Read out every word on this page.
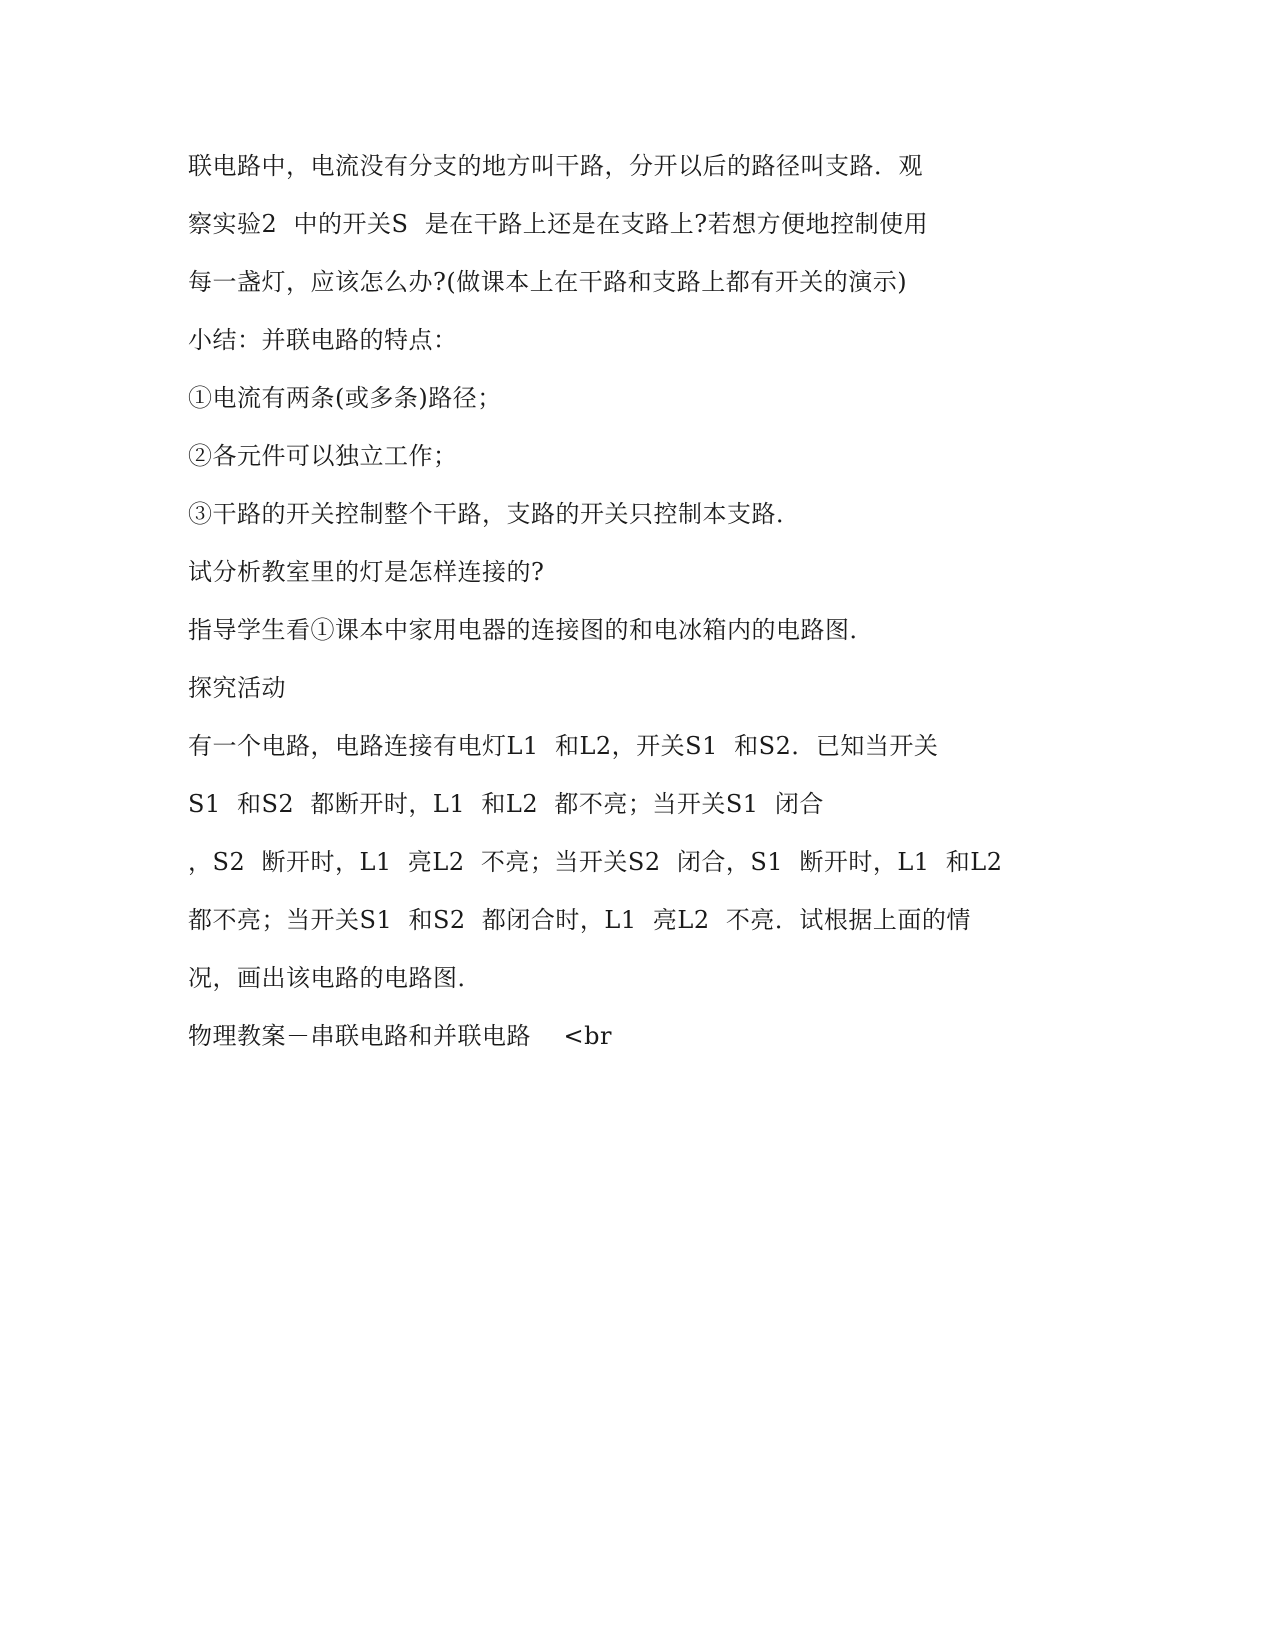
联电路中，电流没有分支的地方叫干路，分开以后的路径叫支路．观
察实验2  中的开关S  是在干路上还是在支路上?若想方便地控制使用
每一盏灯，应该怎么办?(做课本上在干路和支路上都有开关的演示)
小结：并联电路的特点：
①电流有两条(或多条)路径；
②各元件可以独立工作；
③干路的开关控制整个干路，支路的开关只控制本支路．
试分析教室里的灯是怎样连接的?
指导学生看①课本中家用电器的连接图的和电冰箱内的电路图．
探究活动
有一个电路，电路连接有电灯L1  和L2，开关S1  和S2．已知当开关
S1  和S2  都断开时，L1  和L2  都不亮；当开关S1  闭合
，S2  断开时，L1  亮L2  不亮；当开关S2  闭合，S1  断开时，L1  和L2
都不亮；当开关S1  和S2  都闭合时，L1  亮L2  不亮．试根据上面的情
况，画出该电路的电路图．
物理教案－串联电路和并联电路    <br
